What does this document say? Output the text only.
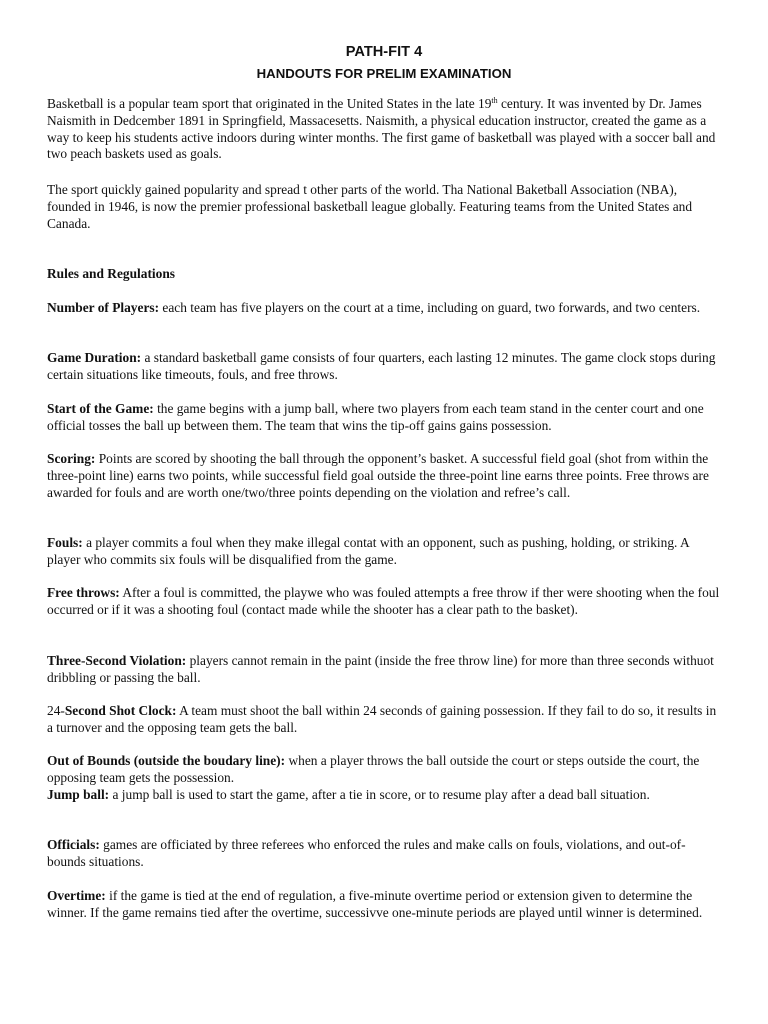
PATH-FIT 4
HANDOUTS FOR PRELIM EXAMINATION

Basketball is a popular team sport that originated in the United States in the late 19th century. It was invented by Dr. James Naismith in Dedcember 1891 in Springfield, Massacesetts. Naismith, a physical education instructor, created the game as a way to keep his students active indoors during winter months. The first game of basketball was played with a soccer ball and two peach baskets used as goals.

The sport quickly gained popularity and spread t other parts of the world. Tha National Baketball Association (NBA), founded in 1946, is now the premier professional basketball league globally. Featuring teams from the United States and Canada.

Rules and Regulations

Number of Players: each team has five players on the court at a time, including on guard, two forwards, and two centers.

Game Duration: a standard basketball game consists of four quarters, each lasting 12 minutes. The game clock stops during certain situations like timeouts, fouls, and free throws.

Start of the Game: the game begins with a jump ball, where two players from each team stand in the center court and one official tosses the ball up between them. The team that wins the tip-off gains gains possession.

Scoring: Points are scored by shooting the ball through the opponent’s basket. A successful field goal (shot from within the three-point line) earns two points, while successful field goal outside the three-point line earns three points. Free throws are awarded for fouls and are worth one/two/three points depending on the violation and refree’s call.

Fouls: a player commits a foul when they make illegal contat with an opponent, such as pushing, holding, or striking. A player who commits six fouls will be disqualified from the game.

Free throws: After a foul is committed, the playwe who was fouled attempts a free throw if ther were shooting when the foul occurred or if it was a shooting foul (contact made while the shooter has a clear path to the basket).

Three-Second Violation: players cannot remain in the paint (inside the free throw line) for more than three seconds withuot dribbling or passing the ball.

24-Second Shot Clock: A team must shoot the ball within 24 seconds of gaining possession. If they fail to do so, it results in a turnover and the opposing team gets the ball.

Out of Bounds (outside the boudary line): when a player throws the ball outside the court or steps outside the court, the opposing team gets the possession.
Jump ball: a jump ball is used to start the game, after a tie in score, or to resume play after a dead ball situation.

Officials: games are officiated by three referees who enforced the rules and make calls on fouls, violations, and out-of-bounds situations.

Overtime: if the game is tied at the end of regulation, a five-minute overtime period or extension given to determine the winner. If the game remains tied after the overtime, successivve one-minute periods are played until winner is determined.
